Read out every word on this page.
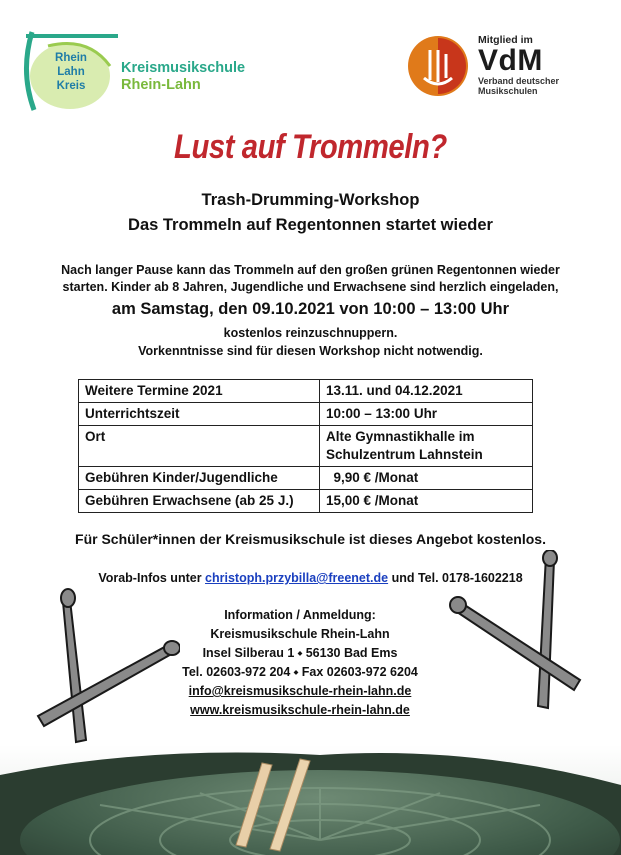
Rhein
Lahn
Kreis
Kreismusikschule
Rhein-Lahn
Mitglied im
VdM
Verband deutscher
Musikschulen
Lust auf Trommeln?
Trash-Drumming-Workshop
Das Trommeln auf Regentonnen startet wieder
Nach langer Pause kann das Trommeln auf den großen grünen Regentonnen wieder
starten. Kinder ab 8 Jahren, Jugendliche und Erwachsene sind herzlich eingeladen,
am Samstag, den 09.10.2021 von 10:00 – 13:00 Uhr
kostenlos reinzuschnuppern.
Vorkenntnisse sind für diesen Workshop nicht notwendig.
Weitere Termine 2021	13.11. und 04.12.2021
Unterrichtszeit	10:00 – 13:00 Uhr
Ort	Alte Gymnastikhalle im
Schulzentrum Lahnstein

Gebühren Kinder/Jugendliche	9,90 € /Monat
Gebühren Erwachsene (ab 25 J.)	15,00 € /Monat
Für Schüler*innen der Kreismusikschule ist dieses Angebot kostenlos.
Vorab-Infos unter christoph.przybilla@freenet.de und Tel. 0178-1602218
Information / Anmeldung:
Kreismusikschule Rhein-Lahn
Insel Silberau 1 ⬩ 56130 Bad Ems
Tel. 02603-972 204 ⬩ Fax 02603-972 6204
info@kreismusikschule-rhein-lahn.de
www.kreismusikschule-rhein-lahn.de
